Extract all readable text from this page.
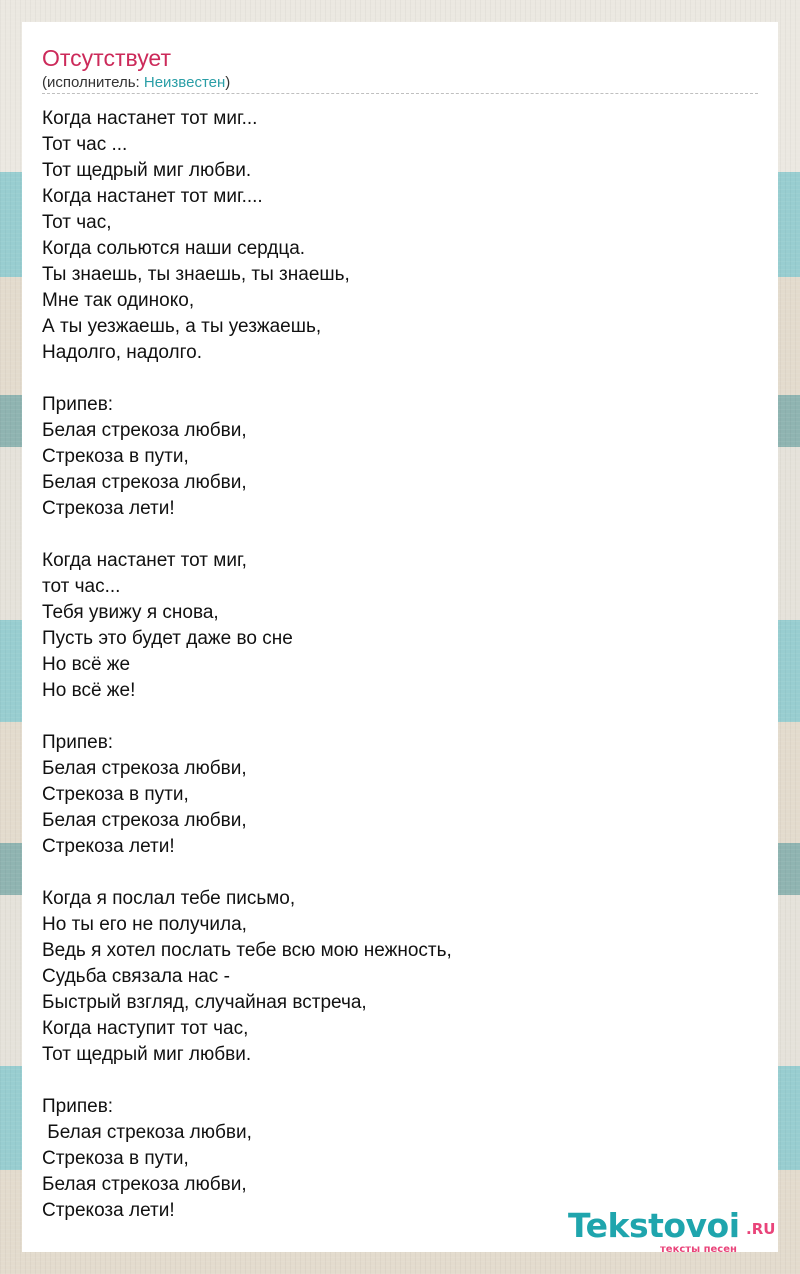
Отсутствует
(исполнитель: Неизвестен)
Когда настанет тот миг...
Тот час ...
Тот щедрый миг любви.
Когда настанет тот миг....
Тот час,
Когда сольются наши сердца.
Ты знаешь, ты знаешь, ты знаешь,
Мне так одиноко,
А ты уезжаешь, а ты уезжаешь,
Надолго, надолго.

Припев:
Белая стрекоза любви,
Стрекоза в пути,
Белая стрекоза любви,
Стрекоза лети!

Когда настанет тот миг,
тот час...
Тебя увижу я снова,
Пусть это будет даже во сне
Но всё же
Но всё же!

Припев:
Белая стрекоза любви,
Стрекоза в пути,
Белая стрекоза любви,
Стрекоза лети!

Когда я послал тебе письмо,
Но ты его не получила,
Ведь я хотел послать тебе всю мою нежность,
Судьба связала нас -
Быстрый взгляд, случайная встреча,
Когда наступит тот час,
Тот щедрый миг любви.

Припев:
Белая стрекоза любви,
Стрекоза в пути,
Белая стрекоза любви,
Стрекоза лети!	Tekstovoi .RU
тексты песен
